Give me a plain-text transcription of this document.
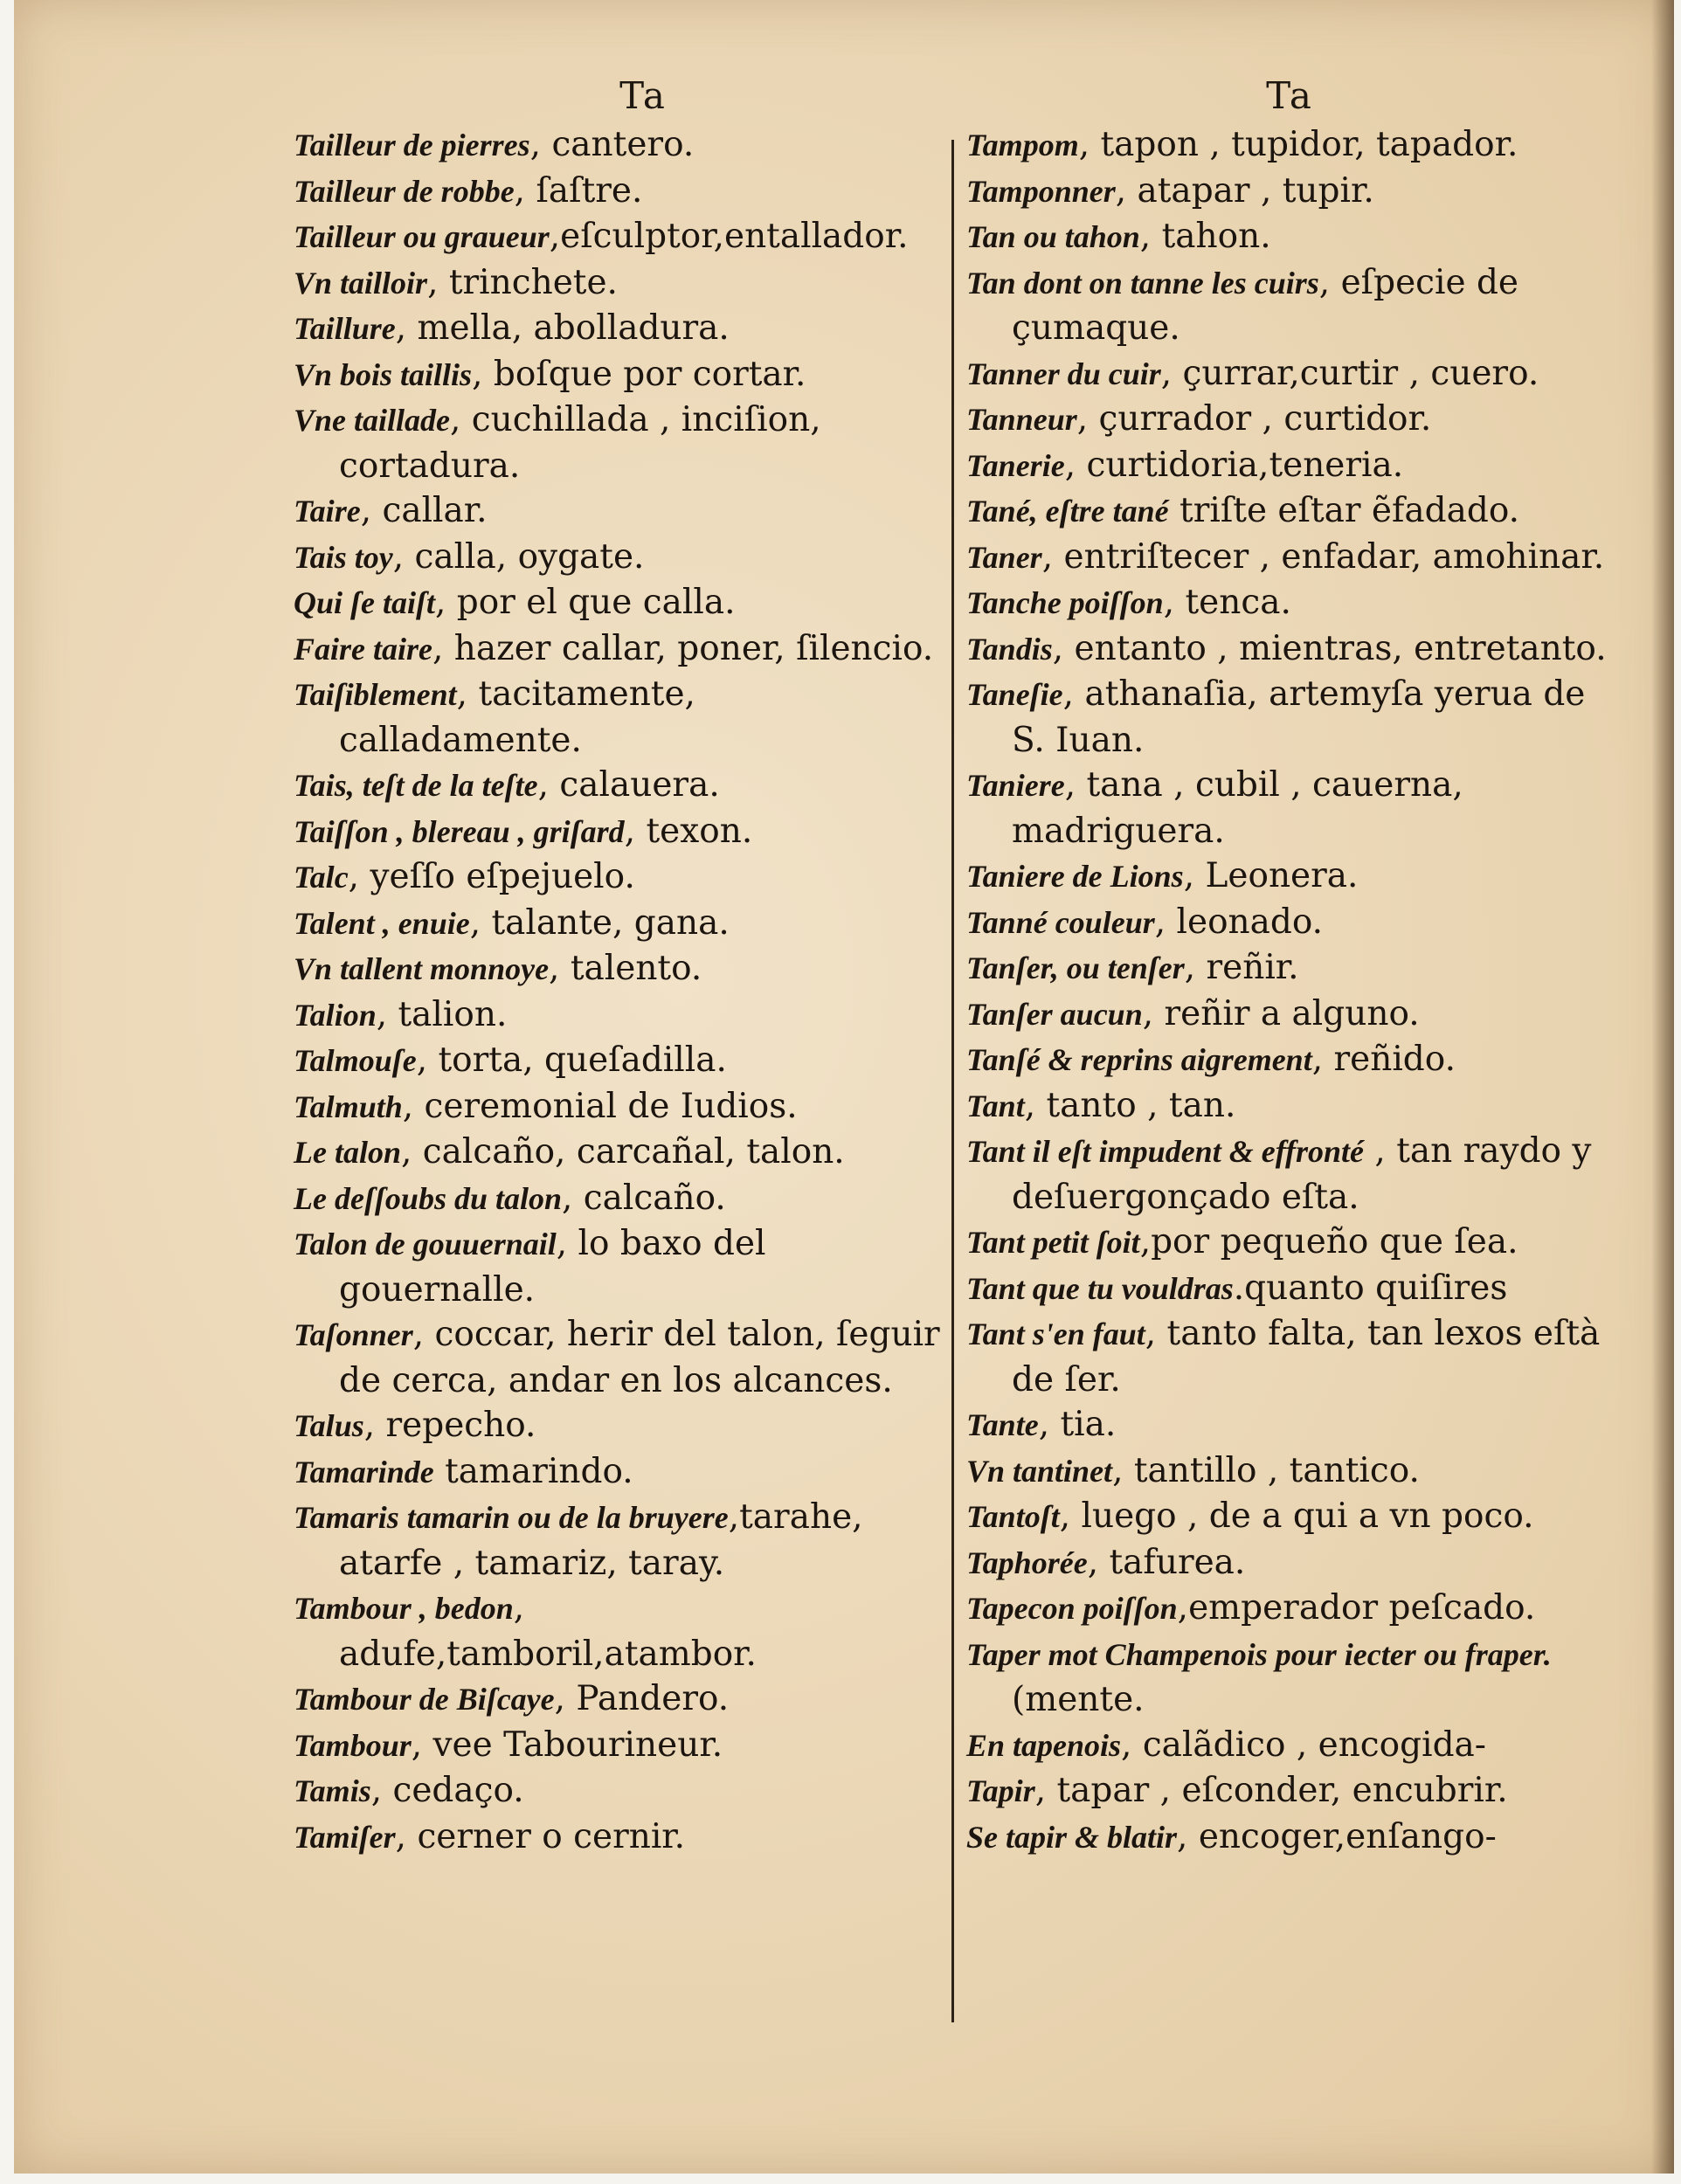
Ta
Tailleur de pierres, cantero.
Tailleur de robbe, ſaſtre.
Tailleur ou graueur,eſculptor,entallador.
Vn tailloir, trinchete.
Taillure, mella, abolladura.
Vn bois taillis, boſque por cortar.
Vne taillade, cuchillada , inciſion, cortadura.
Taire, callar.
Tais toy, calla, oygate.
Qui ſe taiſt, por el que calla.
Faire taire, hazer callar, poner, ſilencio.
Taiſiblement, tacitamente, calladamente.
Tais, teſt de la teſte, calauera.
Taiſſon , blereau , griſard, texon.
Talc, yeſſo eſpejuelo.
Talent , enuie, talante, gana.
Vn tallent monnoye, talento.
Talion, talion.
Talmouſe, torta, queſadilla.
Talmuth, ceremonial de Iudios.
Le talon, calcaño, carcañal, talon.
Le deſſoubs du talon, calcaño.
Talon de gouuernail, lo baxo del gouernalle.
Taſonner, coccar, herir del talon, ſeguir de cerca, andar en los alcances.
Talus, repecho.
Tamarinde tamarindo.
Tamaris tamarin ou de la bruyere,tarahe, atarfe , tamariz, taray.
Tambour , bedon, adufe,tamboril,atambor.
Tambour de Biſcaye, Pandero.
Tambour, vee Tabourineur.
Tamis, cedaço.
Tamiſer, cerner o cernir.
Ta
Tampom, tapon , tupidor, tapador.
Tamponner, atapar , tupir.
Tan ou tahon, tahon.
Tan dont on tanne les cuirs, eſpecie de çumaque.
Tanner du cuir, çurrar,curtir , cuero.
Tanneur, çurrador , curtidor.
Tanerie, curtidoria,teneria.
Tané, eſtre tané triſte eſtar ẽfadado.
Taner, entriſtecer , enfadar, amohinar.
Tanche poiſſon, tenca.
Tandis, entanto , mientras, entretanto.
Taneſie, athanaſia, artemyſa yerua de S. Iuan.
Taniere, tana , cubil , cauerna, madriguera.
Taniere de Lions, Leonera.
Tanné couleur, leonado.
Tanſer, ou tenſer, reñir.
Tanſer aucun, reñir a alguno.
Tanſé & reprins aigrement, reñido.
Tant, tanto , tan.
Tant il eſt impudent & effronté , tan raydo y deſuergonçado eſta.
Tant petit ſoit,por pequeño que ſea.
Tant que tu vouldras.quanto quiſires
Tant s'en faut, tanto falta, tan lexos eſtà de ſer.
Tante, tia.
Vn tantinet, tantillo , tantico.
Tantoſt, luego , de a qui a vn poco.
Taphorée, tafurea.
Tapecon poiſſon,emperador peſcado.
Taper mot Champenois pour iecter ou fraper.(mente.
En tapenois, calãdico , encogida-
Tapir, tapar , eſconder, encubrir.
Se tapir & blatir, encoger,enſango-
